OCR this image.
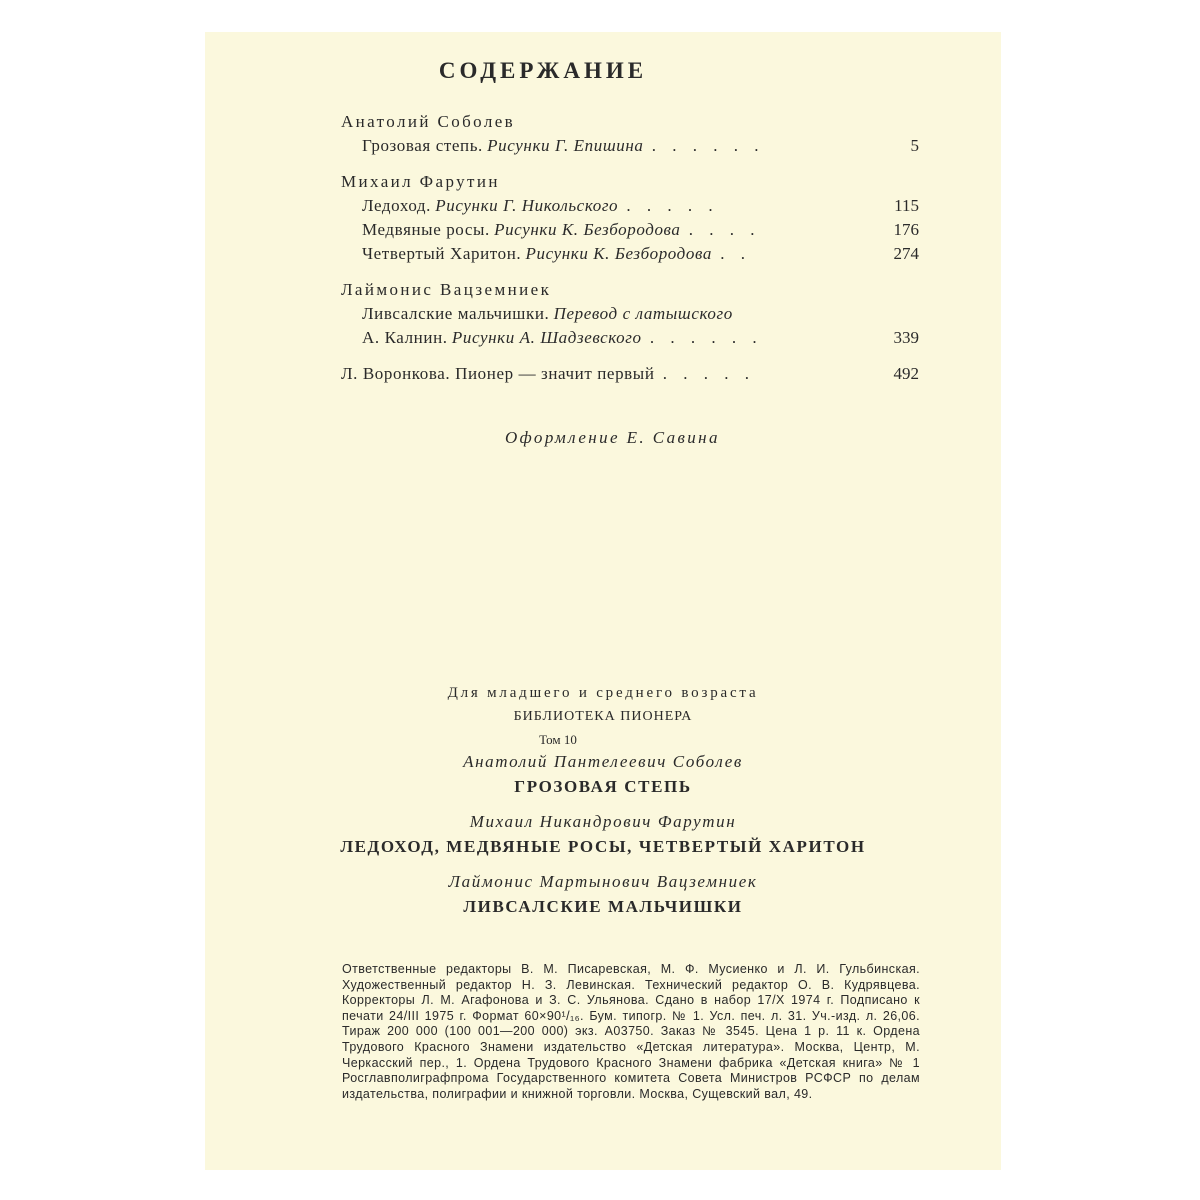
СОДЕРЖАНИЕ
Анатолий Соболев
Грозовая степь. Рисунки Г. Епишина . . . . . .	5
Михаил Фарутин
Ледоход. Рисунки Г. Никольского . . . . .	115
Медвяные росы. Рисунки К. Безбородова . . . .	176
Четвертый Харитон. Рисунки К. Безбородова . .	274
Лаймонис Вацземниек
Ливсалские мальчишки. Перевод с латышского
А. Калнин. Рисунки А. Шадзевского . . . . . .	339
Л. Воронкова. Пионер — значит первый . . . . .	492
Оформление Е. Савина
Для младшего и среднего возраста
БИБЛИОТЕКА ПИОНЕРА
Том 10
Анатолий Пантелеевич Соболев
ГРОЗОВАЯ СТЕПЬ
Михаил Никандрович Фарутин
ЛЕДОХОД, МЕДВЯНЫЕ РОСЫ, ЧЕТВЕРТЫЙ ХАРИТОН
Лаймонис Мартынович Вацземниек
ЛИВСАЛСКИЕ МАЛЬЧИШКИ
Ответственные редакторы В. М. Писаревская, М. Ф. Мусиенко и Л. И. Гульбинская. Художественный редактор Н. З. Левинская. Технический редактор О. В. Кудрявцева. Корректоры Л. М. Агафонова и З. С. Ульянова. Сдано в набор 17/X 1974 г. Подписано к печати 24/III 1975 г. Формат 60×90¹/₁₆. Бум. типогр. № 1. Усл. печ. л. 31. Уч.-изд. л. 26,06. Тираж 200 000 (100 001—200 000) экз. А03750. Заказ № 3545. Цена 1 р. 11 к. Ордена Трудового Красного Знамени издательство «Детская литература». Москва, Центр, М. Черкасский пер., 1. Ордена Трудового Красного Знамени фабрика «Детская книга» № 1 Росглавполиграфпрома Государственного комитета Совета Министров РСФСР по делам издательства, полиграфии и книжной торговли. Москва, Сущевский вал, 49.
